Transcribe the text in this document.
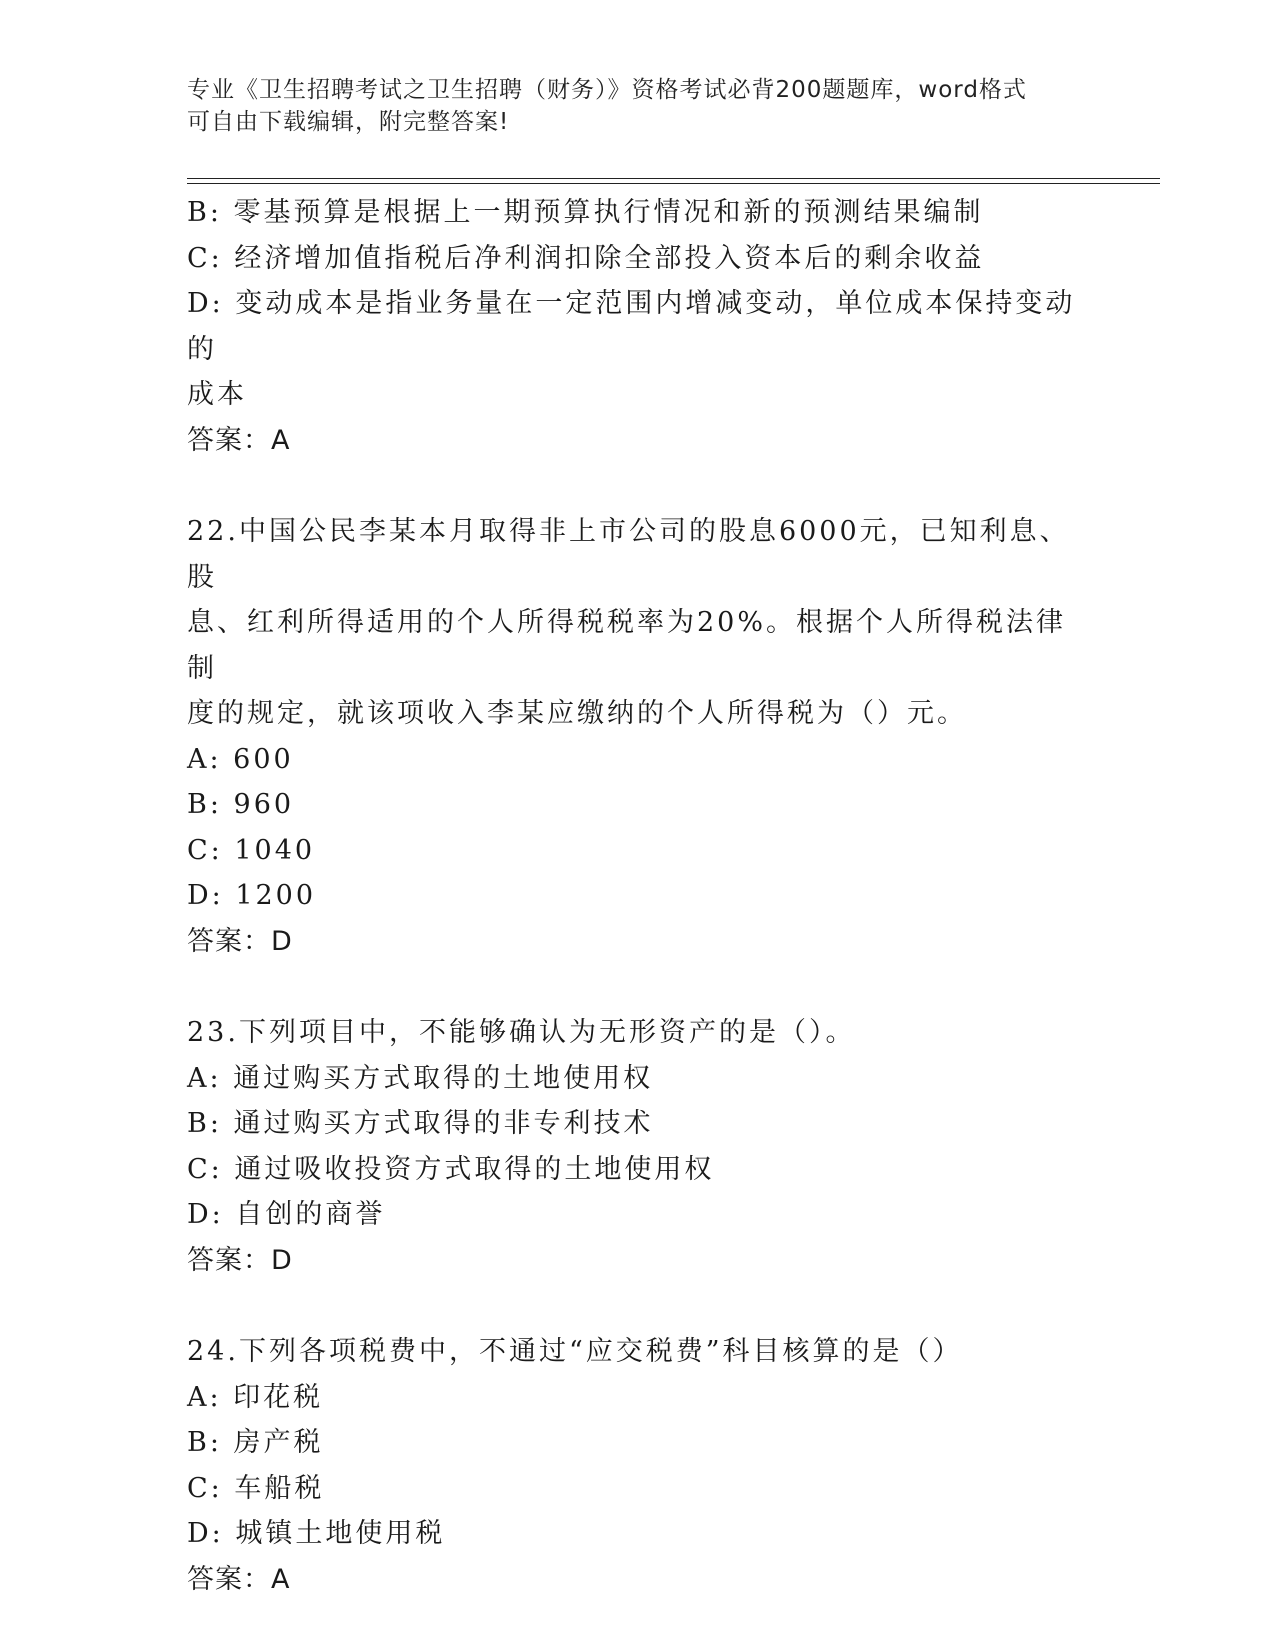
专业《卫生招聘考试之卫生招聘（财务）》资格考试必背200题题库，word格式
可自由下载编辑，附完整答案!

B: 零基预算是根据上一期预算执行情况和新的预测结果编制

C: 经济增加值指税后净利润扣除全部投入资本后的剩余收益

D: 变动成本是指业务量在一定范围内增减变动，单位成本保持变动的

成本

答案：A

22.中国公民李某本月取得非上市公司的股息6000元，已知利息、股

息、红利所得适用的个人所得税税率为20%。根据个人所得税法律制

度的规定，就该项收入李某应缴纳的个人所得税为（）元。

A: 600

B: 960

C: 1040

D: 1200

答案：D

23.下列项目中，不能够确认为无形资产的是（）。

A: 通过购买方式取得的土地使用权

B: 通过购买方式取得的非专利技术

C: 通过吸收投资方式取得的土地使用权

D: 自创的商誉

答案：D

24.下列各项税费中，不通过“应交税费”科目核算的是（）

A: 印花税

B: 房产税

C: 车船税

D: 城镇土地使用税

答案：A
